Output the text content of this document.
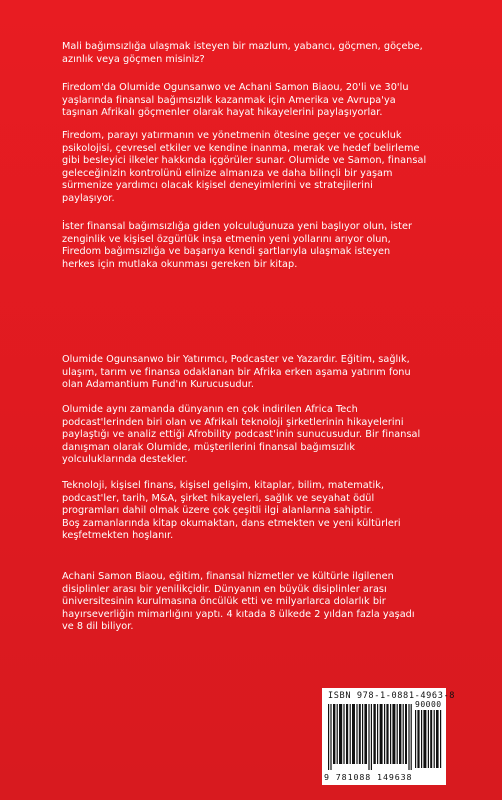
Mali bağımsızlığa ulaşmak isteyen bir mazlum, yabancı, göçmen, göçebe,
azınlık veya göçmen misiniz?

Firedom'da Olumide Ogunsanwo ve Achani Samon Biaou, 20'li ve 30'lu
yaşlarında finansal bağımsızlık kazanmak için Amerika ve Avrupa'ya
taşınan Afrikalı göçmenler olarak hayat hikayelerini paylaşıyorlar.

Firedom, parayı yatırmanın ve yönetmenin ötesine geçer ve çocukluk
psikolojisi, çevresel etkiler ve kendine inanma, merak ve hedef belirleme
gibi besleyici ilkeler hakkında içgörüler sunar. Olumide ve Samon, finansal
geleceğinizin kontrolünü elinize almanıza ve daha bilinçli bir yaşam
sürmenize yardımcı olacak kişisel deneyimlerini ve stratejilerini
paylaşıyor.

İster finansal bağımsızlığa giden yolculuğunuza yeni başlıyor olun, ister
zenginlik ve kişisel özgürlük inşa etmenin yeni yollarını arıyor olun,
Firedom bağımsızlığa ve başarıya kendi şartlarıyla ulaşmak isteyen
herkes için mutlaka okunması gereken bir kitap.

Olumide Ogunsanwo bir Yatırımcı, Podcaster ve Yazardır. Eğitim, sağlık,
ulaşım, tarım ve finansa odaklanan bir Afrika erken aşama yatırım fonu
olan Adamantium Fund'ın Kurucusudur.

Olumide aynı zamanda dünyanın en çok indirilen Africa Tech
podcast'lerinden biri olan ve Afrikalı teknoloji şirketlerinin hikayelerini
paylaştığı ve analiz ettiği Afrobility podcast'inin sunucusudur. Bir finansal
danışman olarak Olumide, müşterilerini finansal bağımsızlık
yolculuklarında destekler.

Teknoloji, kişisel finans, kişisel gelişim, kitaplar, bilim, matematik,
podcast'ler, tarih, M&A, şirket hikayeleri, sağlık ve seyahat ödül
programları dahil olmak üzere çok çeşitli ilgi alanlarına sahiptir.
Boş zamanlarında kitap okumaktan, dans etmekten ve yeni kültürleri
keşfetmekten hoşlanır.

Achani Samon Biaou, eğitim, finansal hizmetler ve kültürle ilgilenen
disiplinler arası bir yenilikçidir. Dünyanın en büyük disiplinler arası
üniversitesinin kurulmasına öncülük etti ve milyarlarca dolarlık bir
hayırseverliğin mimarlığını yaptı. 4 kıtada 8 ülkede 2 yıldan fazla yaşadı
ve 8 dil biliyor.

ISBN 978-1-0881-4963-8
90000
9 781088 149638
